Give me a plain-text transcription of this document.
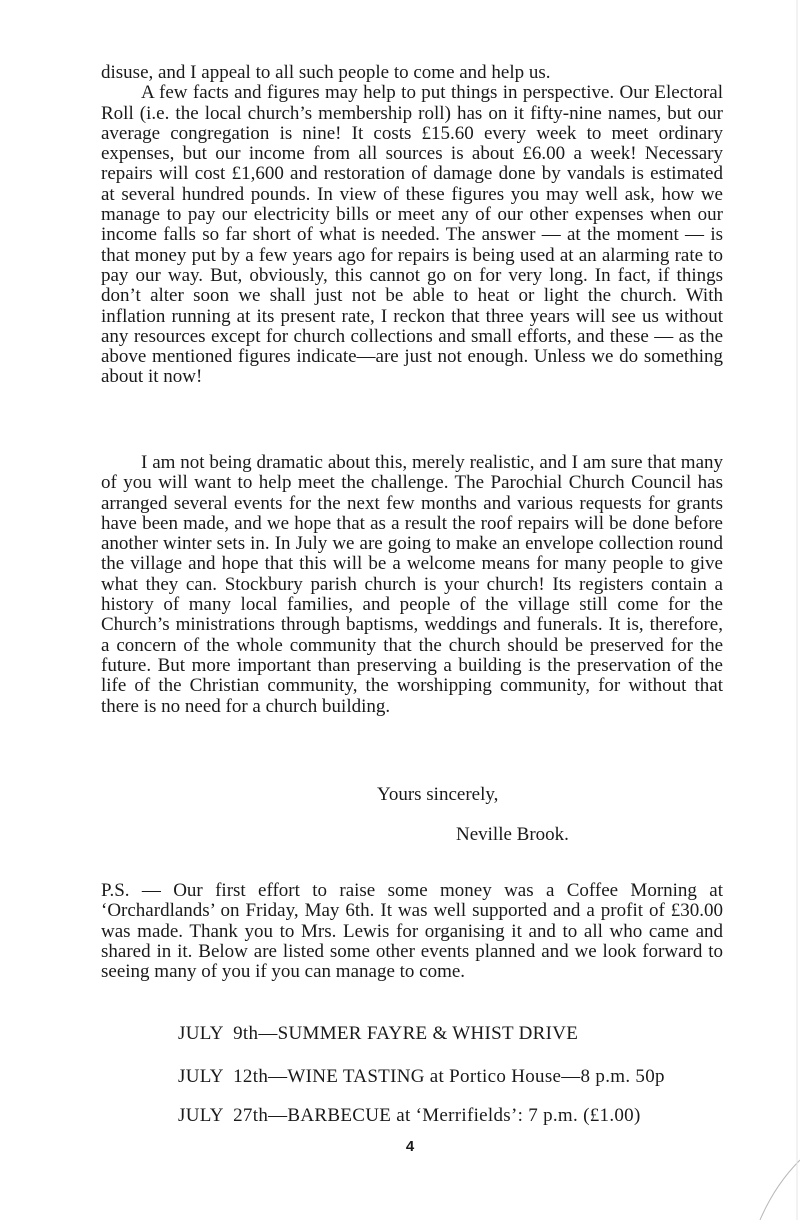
disuse, and I appeal to all such people to come and help us.

A few facts and figures may help to put things in perspective. Our Electoral Roll (i.e. the local church’s membership roll) has on it fifty-nine names, but our average congregation is nine! It costs £15.60 every week to meet ordinary expenses, but our income from all sources is about £6.00 a week! Necessary repairs will cost £1,600 and restoration of damage done by vandals is estimated at several hundred pounds. In view of these figures you may well ask, how we manage to pay our electricity bills or meet any of our other expenses when our income falls so far short of what is needed. The answer — at the moment — is that money put by a few years ago for repairs is being used at an alarming rate to pay our way. But, obviously, this cannot go on for very long. In fact, if things don’t alter soon we shall just not be able to heat or light the church. With inflation running at its present rate, I reckon that three years will see us without any resources except for church collections and small efforts, and these — as the above mentioned figures indicate—are just not enough. Unless we do something about it now!

I am not being dramatic about this, merely realistic, and I am sure that many of you will want to help meet the challenge. The Parochial Church Council has arranged several events for the next few months and various requests for grants have been made, and we hope that as a result the roof repairs will be done before another winter sets in. In July we are going to make an envelope collection round the village and hope that this will be a welcome means for many people to give what they can. Stockbury parish church is your church! Its registers contain a history of many local families, and people of the village still come for the Church’s ministrations through baptisms, weddings and funerals. It is, therefore, a concern of the whole community that the church should be preserved for the future. But more important than preserving a building is the preservation of the life of the Christian community, the worshipping community, for without that there is no need for a church building.

Yours sincerely,

Neville Brook.

P.S. — Our first effort to raise some money was a Coffee Morning at ‘Orchardlands’ on Friday, May 6th. It was well supported and a profit of £30.00 was made. Thank you to Mrs. Lewis for organising it and to all who came and shared in it. Below are listed some other events planned and we look forward to seeing many of you if you can manage to come.

JULY  9th—SUMMER FAYRE & WHIST DRIVE

JULY  12th—WINE TASTING at Portico House—8 p.m. 50p

JULY  27th—BARBECUE at ‘Merrifields’: 7 p.m. (£1.00)

4
